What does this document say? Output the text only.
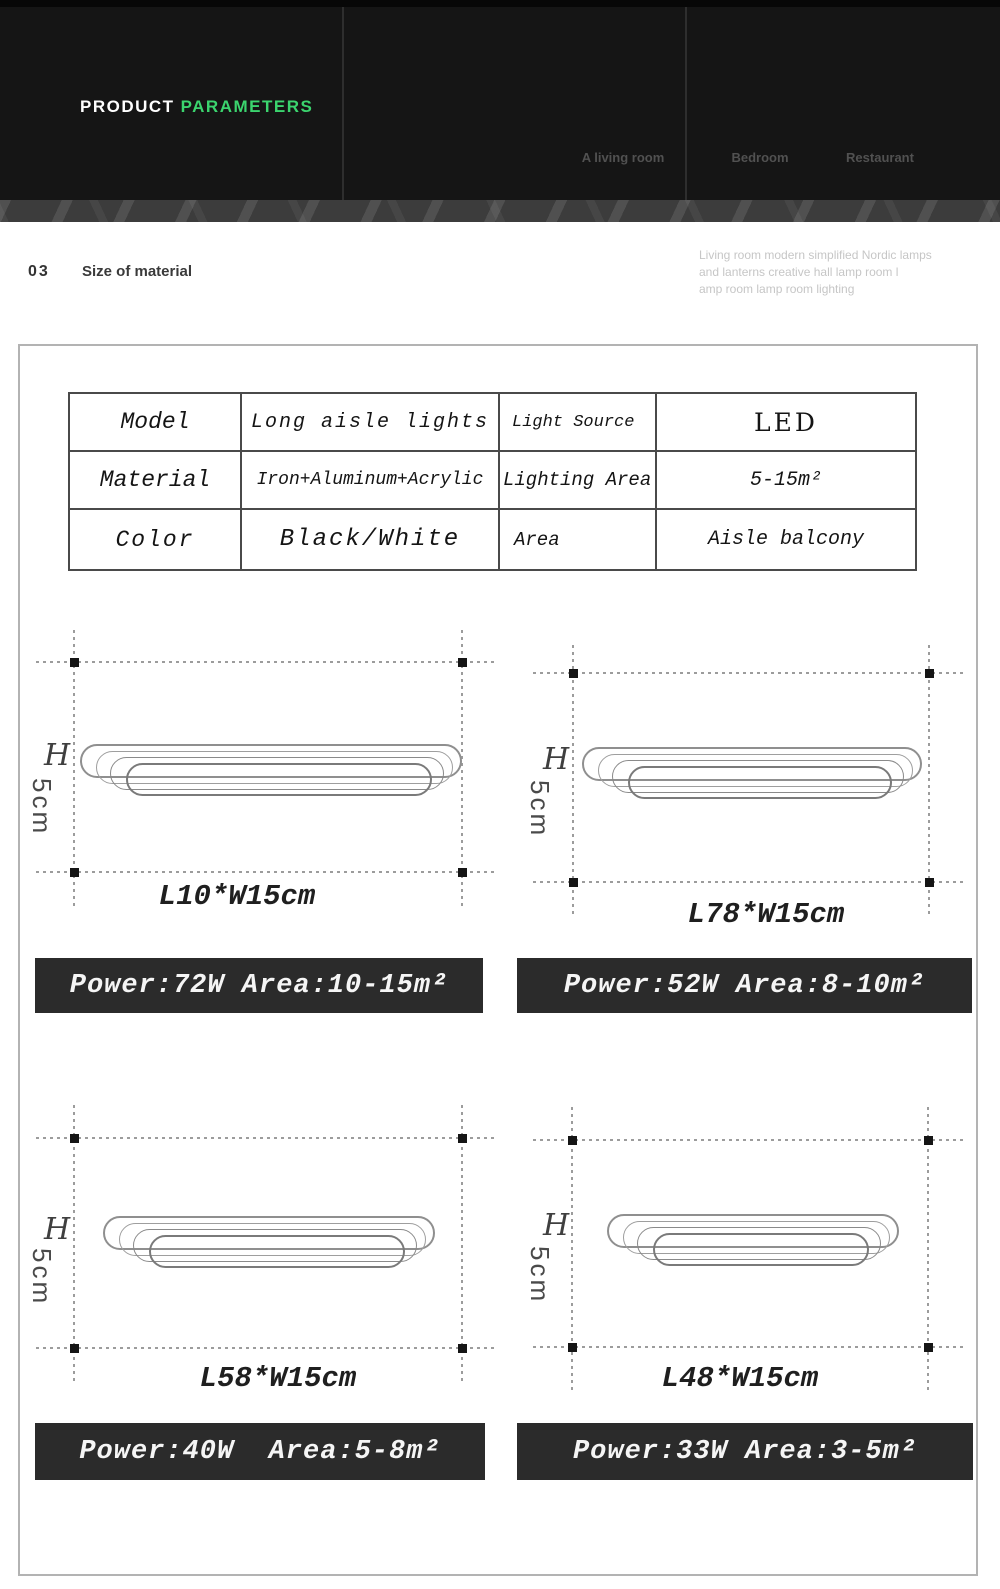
PRODUCT PARAMETERS
A living room	Bedroom	Restaurant
03 Size of material
Living room modern simplified Nordic lamps
and lanterns creative hall lamp room l
amp room lamp room lighting
Model	Long aisle lights	Light Source	LED
Material	Iron+Aluminum+Acrylic	Lighting Area	5-15m²
Color	Black/White	Area	Aisle balcony
H
5cm
L10*W15cm
Power:72W Area:10-15m²
H
5cm
L78*W15cm
Power:52W Area:8-10m²
H
5cm
L58*W15cm
Power:40W  Area:5-8m²
H
5cm
L48*W15cm
Power:33W Area:3-5m²
